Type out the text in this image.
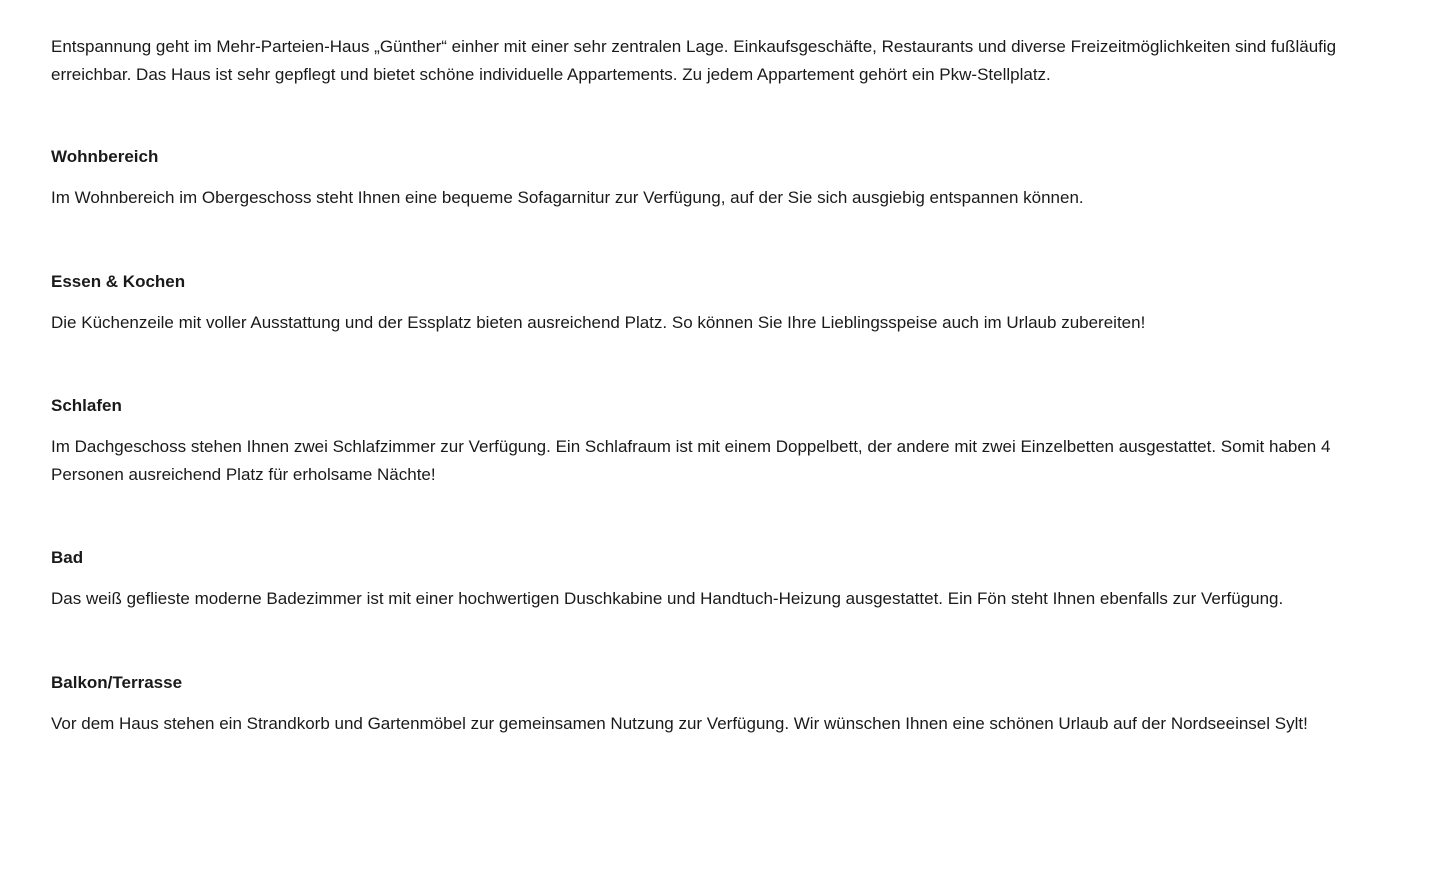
Entspannung geht im Mehr-Parteien-Haus „Günther“ einher mit einer sehr zentralen Lage. Einkaufsgeschäfte, Restaurants und diverse Freizeitmöglichkeiten sind fußläufig erreichbar. Das Haus ist sehr gepflegt und bietet schöne individuelle Appartements. Zu jedem Appartement gehört ein Pkw-Stellplatz.

Wohnbereich

Im Wohnbereich im Obergeschoss steht Ihnen eine bequeme Sofagarnitur zur Verfügung, auf der Sie sich ausgiebig entspannen können.

Essen & Kochen

Die Küchenzeile mit voller Ausstattung und der Essplatz bieten ausreichend Platz. So können Sie Ihre Lieblingsspeise auch im Urlaub zubereiten!

Schlafen

Im Dachgeschoss stehen Ihnen zwei Schlafzimmer zur Verfügung. Ein Schlafraum ist mit einem Doppelbett, der andere mit zwei Einzelbetten ausgestattet. Somit haben 4 Personen ausreichend Platz für erholsame Nächte!

Bad

Das weiß geflieste moderne Badezimmer ist mit einer hochwertigen Duschkabine und Handtuch-Heizung ausgestattet. Ein Fön steht Ihnen ebenfalls zur Verfügung.

Balkon/Terrasse

Vor dem Haus stehen ein Strandkorb und Gartenmöbel zur gemeinsamen Nutzung zur Verfügung. Wir wünschen Ihnen eine schönen Urlaub auf der Nordseeinsel Sylt!
